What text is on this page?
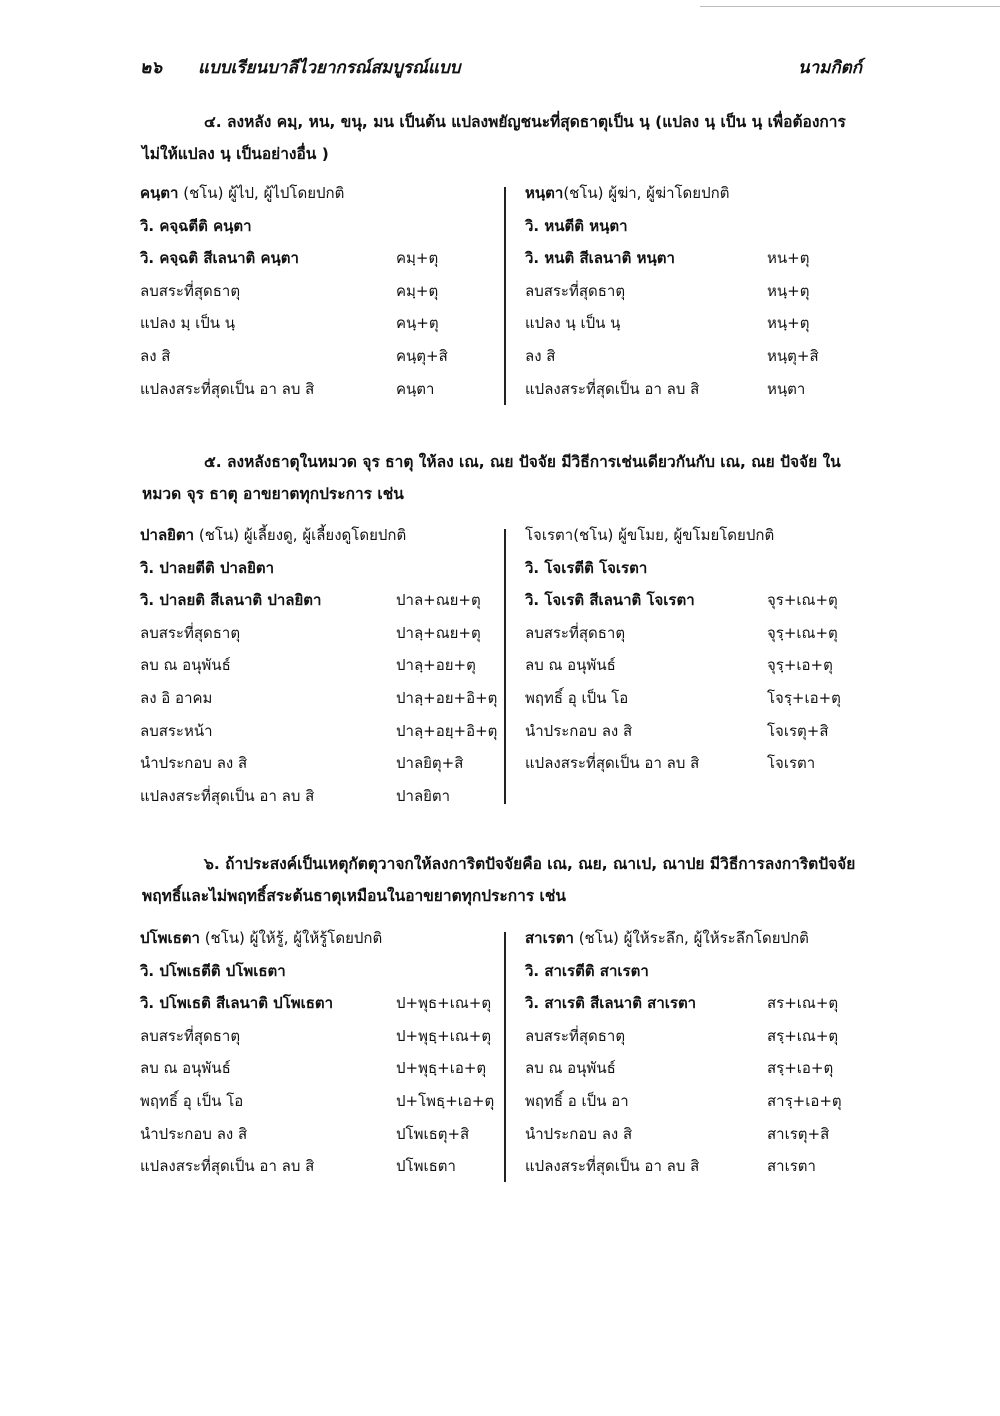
๒๖ แบบเรียนบาลีไวยากรณ์สมบูรณ์แบบ	นามกิตก์

๔. ลงหลัง คมฺ, หน, ขนุ, มน เป็นต้น แปลงพยัญชนะที่สุดธาตุเป็น นฺ (แปลง นฺ เป็น นฺ เพื่อต้องการไม่ให้แปลง นฺ เป็นอย่างอื่น )

คนฺตา (ชโน) ผู้ไป, ผู้ไปโดยปกติ
วิ. คจฺฉตีติ คนฺตา
วิ. คจฺฉติ สีเลนาติ คนฺตา	คมฺ+ตุ
ลบสระที่สุดธาตุ	คมฺ+ตุ
แปลง มฺ เป็น นฺ	คนฺ+ตุ
ลง สิ	คนฺตุ+สิ
แปลงสระที่สุดเป็น อา ลบ สิ	คนฺตา
หนฺตา(ชโน) ผู้ฆ่า, ผู้ฆ่าโดยปกติ
วิ. หนตีติ หนฺตา
วิ. หนติ สีเลนาติ หนฺตา	หน+ตุ
ลบสระที่สุดธาตุ	หนฺ+ตุ
แปลง นฺ เป็น นฺ	หนฺ+ตุ
ลง สิ	หนฺตุ+สิ
แปลงสระที่สุดเป็น อา ลบ สิ	หนฺตา

๕. ลงหลังธาตุในหมวด จุร ธาตุ ให้ลง เณ, ณย ปัจจัย มีวิธีการเช่นเดียวกันกับ เณ, ณย ปัจจัย ในหมวด จุร ธาตุ อาขยาตทุกประการ เช่น

ปาลยิตา (ชโน) ผู้เลี้ยงดู, ผู้เลี้ยงดูโดยปกติ
วิ. ปาลยตีติ ปาลยิตา
วิ. ปาลยติ สีเลนาติ ปาลยิตา	ปาล+ณย+ตุ
ลบสระที่สุดธาตุ	ปาลฺ+ณย+ตุ
ลบ ณ อนุพันธ์	ปาลฺ+อย+ตุ
ลง อิ อาคม	ปาลฺ+อย+อิ+ตุ
ลบสระหน้า	ปาลฺ+อยฺ+อิ+ตุ
นำประกอบ ลง สิ	ปาลยิตุ+สิ
แปลงสระที่สุดเป็น อา ลบ สิ	ปาลยิตา
โจเรตา(ชโน) ผู้ขโมย, ผู้ขโมยโดยปกติ
วิ. โจเรตีติ โจเรตา
วิ. โจเรติ สีเลนาติ โจเรตา	จุร+เณ+ตุ
ลบสระที่สุดธาตุ	จุรฺ+เณ+ตุ
ลบ ณ อนุพันธ์	จุรฺ+เอ+ตุ
พฤทธิ์ อุ เป็น โอ	โจรฺ+เอ+ตุ
นำประกอบ ลง สิ	โจเรตุ+สิ
แปลงสระที่สุดเป็น อา ลบ สิ	โจเรตา

๖. ถ้าประสงค์เป็นเหตุกัตตุวาจกให้ลงการิตปัจจัยคือ เณ, ณย, ณาเป, ณาปย มีวิธีการลงการิตปัจจัย พฤทธิ์และไม่พฤทธิ์สระต้นธาตุเหมือนในอาขยาตทุกประการ เช่น

ปโพเธตา (ชโน) ผู้ให้รู้, ผู้ให้รู้โดยปกติ
วิ. ปโพเธตีติ ปโพเธตา
วิ. ปโพเธติ สีเลนาติ ปโพเธตา	ป+พุธ+เณ+ตุ
ลบสระที่สุดธาตุ	ป+พุธฺ+เณ+ตุ
ลบ ณ อนุพันธ์	ป+พุธฺ+เอ+ตุ
พฤทธิ์ อุ เป็น โอ	ป+โพธฺ+เอ+ตุ
นำประกอบ ลง สิ	ปโพเธตุ+สิ
แปลงสระที่สุดเป็น อา ลบ สิ	ปโพเธตา
สาเรตา (ชโน) ผู้ให้ระลึก, ผู้ให้ระลึกโดยปกติ
วิ. สาเรตีติ สาเรตา
วิ. สาเรติ สีเลนาติ สาเรตา	สร+เณ+ตุ
ลบสระที่สุดธาตุ	สรฺ+เณ+ตุ
ลบ ณ อนุพันธ์	สรฺ+เอ+ตุ
พฤทธิ์ อ เป็น อา	สารฺ+เอ+ตุ
นำประกอบ ลง สิ	สาเรตุ+สิ
แปลงสระที่สุดเป็น อา ลบ สิ	สาเรตา
